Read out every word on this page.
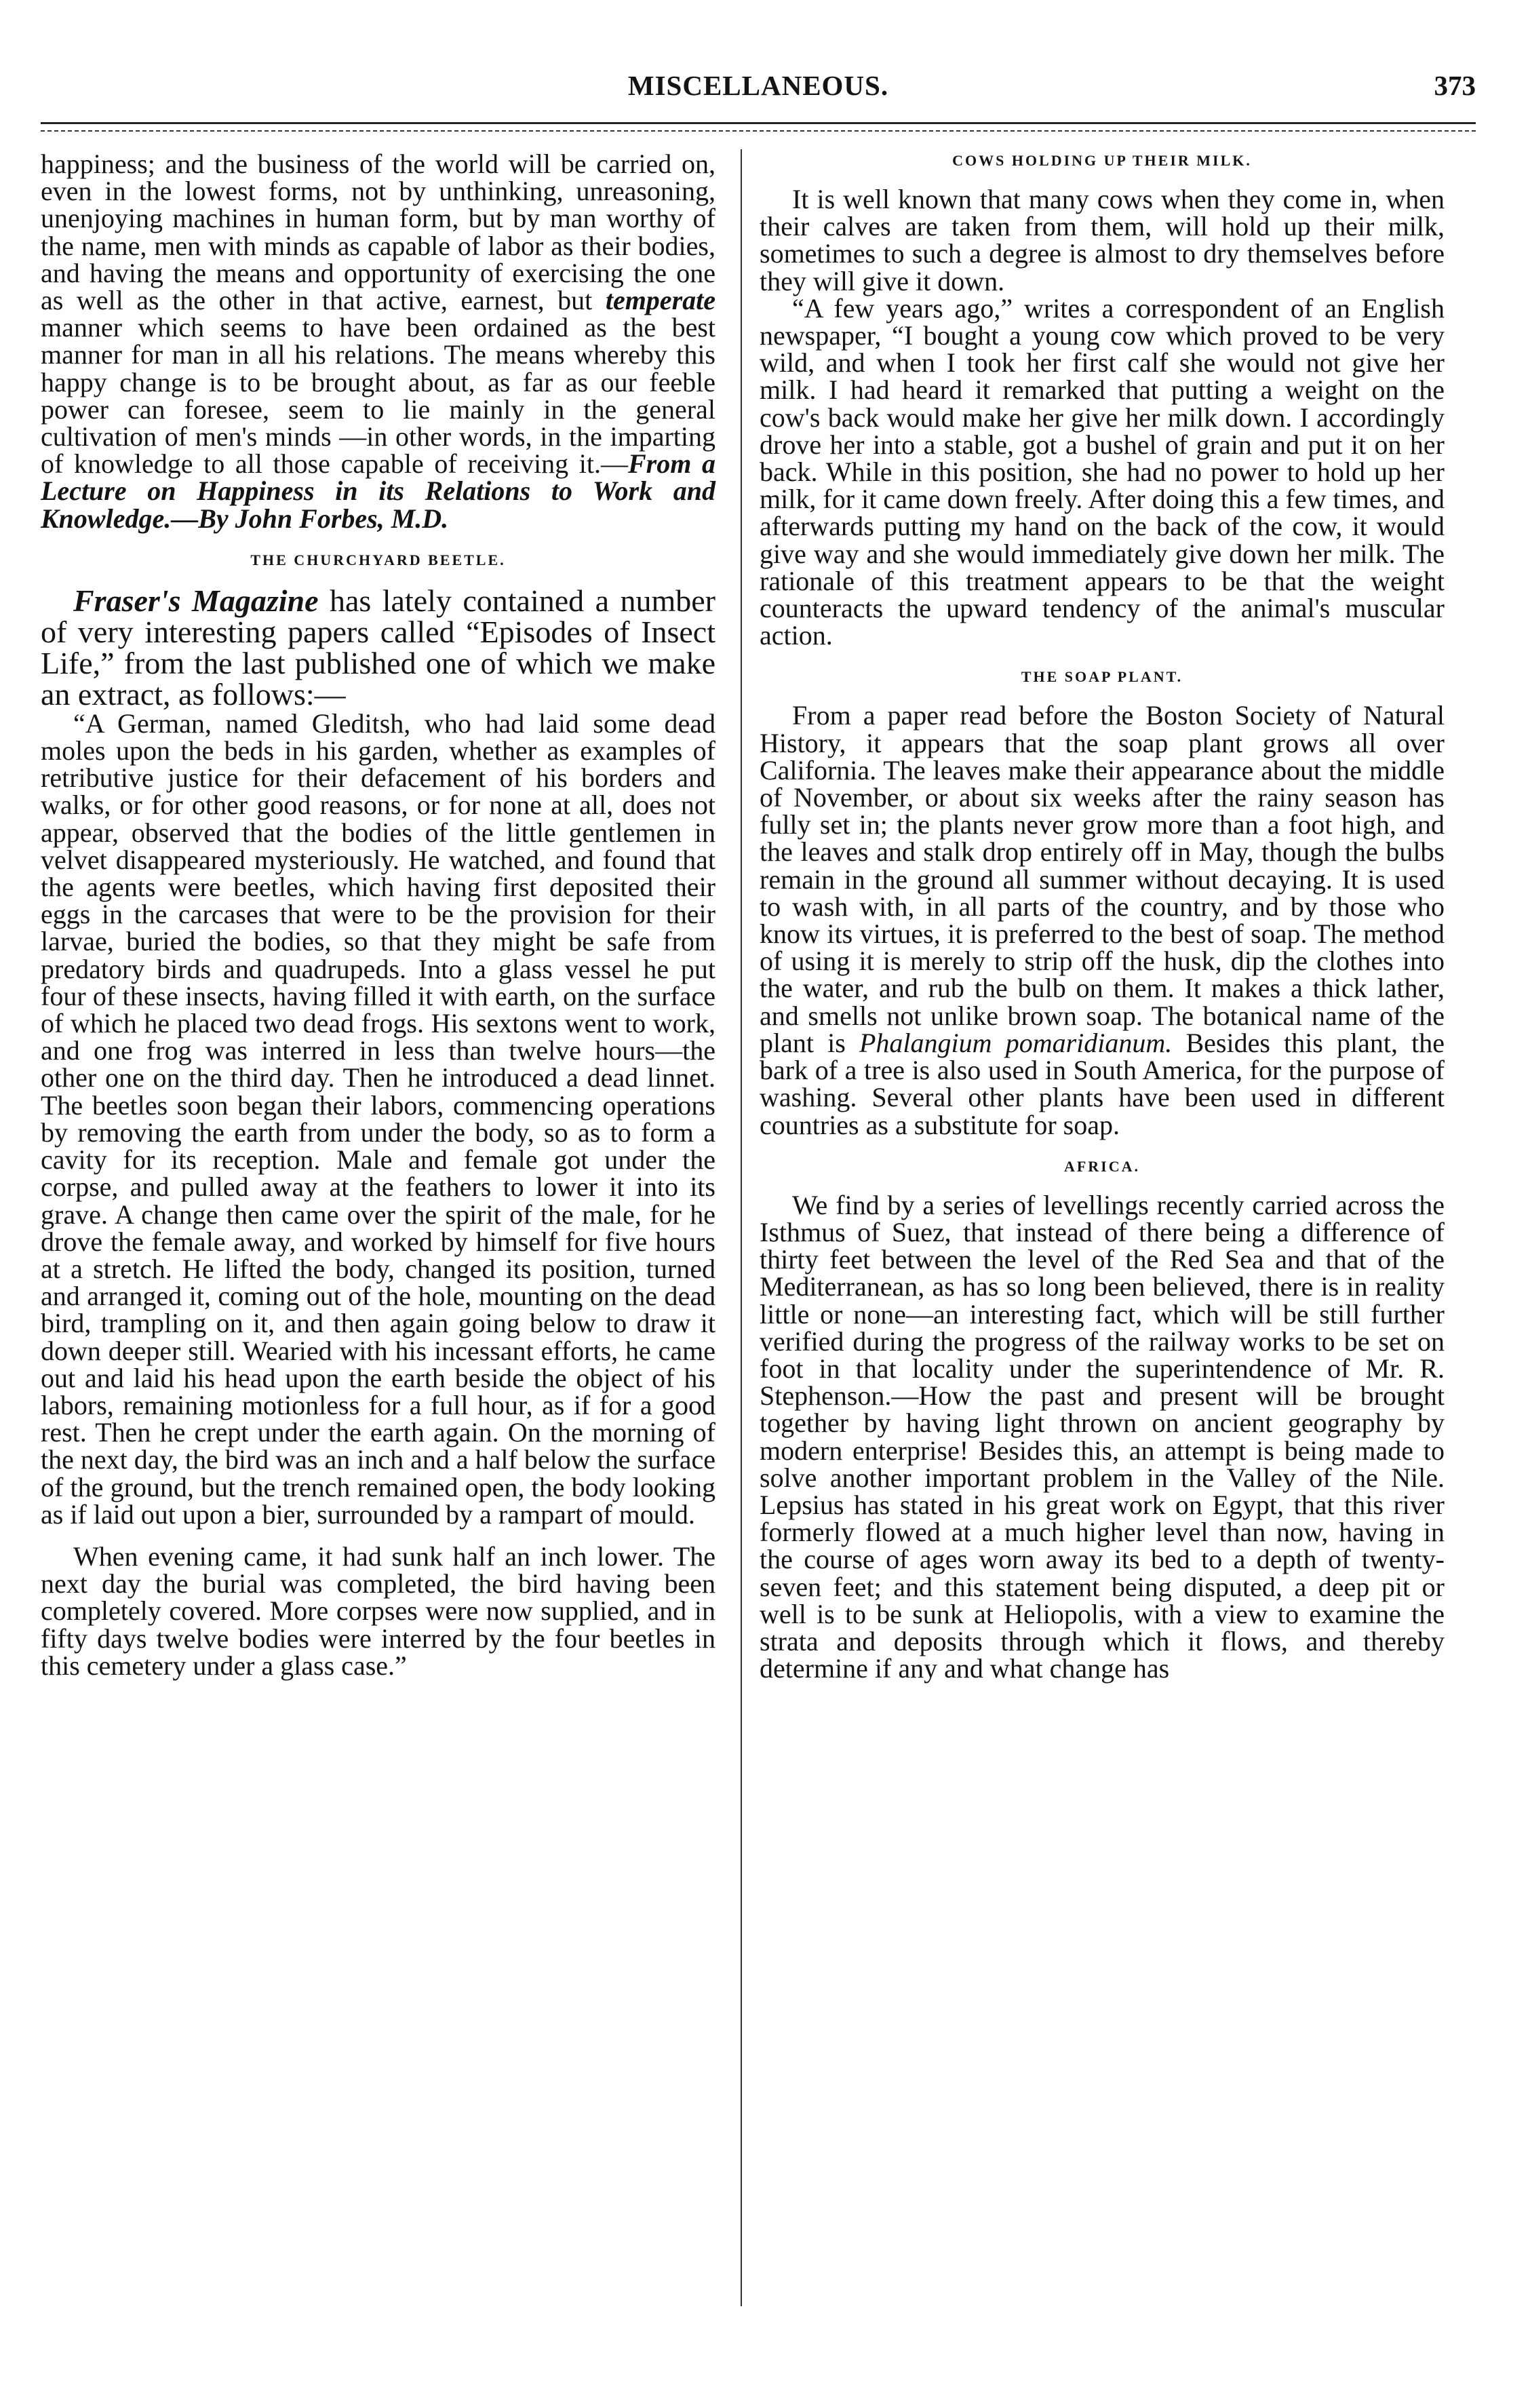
MISCELLANEOUS.	373

happiness; and the business of the world will be carried on, even in the lowest forms, not by unthinking, unreasoning, unenjoying machines in human form, but by man worthy of the name, men with minds as capable of labor as their bodies, and having the means and opportunity of exercising the one as well as the other in that active, earnest, but temperate manner which seems to have been ordained as the best manner for man in all his relations. The means whereby this happy change is to be brought about, as far as our feeble power can foresee, seem to lie mainly in the general cultivation of men's minds —in other words, in the imparting of knowledge to all those capable of receiving it.—From a Lecture on Happiness in its Relations to Work and Knowledge.—By John Forbes, M.D.

THE CHURCHYARD BEETLE.

Fraser's Magazine has lately contained a number of very interesting papers called “Episodes of Insect Life,” from the last published one of which we make an extract, as follows:—

“A German, named Gleditsh, who had laid some dead moles upon the beds in his garden, whether as examples of retributive justice for their defacement of his borders and walks, or for other good reasons, or for none at all, does not appear, observed that the bodies of the little gentlemen in velvet disappeared mysteriously. He watched, and found that the agents were beetles, which having first deposited their eggs in the carcases that were to be the provision for their larvae, buried the bodies, so that they might be safe from predatory birds and quadrupeds. Into a glass vessel he put four of these insects, having filled it with earth, on the surface of which he placed two dead frogs. His sextons went to work, and one frog was interred in less than twelve hours—the other one on the third day. Then he introduced a dead linnet. The beetles soon began their labors, commencing operations by removing the earth from under the body, so as to form a cavity for its reception. Male and female got under the corpse, and pulled away at the feathers to lower it into its grave. A change then came over the spirit of the male, for he drove the female away, and worked by himself for five hours at a stretch. He lifted the body, changed its position, turned and arranged it, coming out of the hole, mounting on the dead bird, trampling on it, and then again going below to draw it down deeper still. Wearied with his incessant efforts, he came out and laid his head upon the earth beside the object of his labors, remaining motionless for a full hour, as if for a good rest. Then he crept under the earth again. On the morning of the next day, the bird was an inch and a half below the surface of the ground, but the trench remained open, the body looking as if laid out upon a bier, surrounded by a rampart of mould.

When evening came, it had sunk half an inch lower. The next day the burial was completed, the bird having been completely covered. More corpses were now supplied, and in fifty days twelve bodies were interred by the four beetles in this cemetery under a glass case.”

COWS HOLDING UP THEIR MILK.

It is well known that many cows when they come in, when their calves are taken from them, will hold up their milk, sometimes to such a degree is almost to dry themselves before they will give it down.

“A few years ago,” writes a correspondent of an English newspaper, “I bought a young cow which proved to be very wild, and when I took her first calf she would not give her milk. I had heard it remarked that putting a weight on the cow's back would make her give her milk down. I accordingly drove her into a stable, got a bushel of grain and put it on her back. While in this position, she had no power to hold up her milk, for it came down freely. After doing this a few times, and afterwards putting my hand on the back of the cow, it would give way and she would immediately give down her milk. The rationale of this treatment appears to be that the weight counteracts the upward tendency of the animal's muscular action.

THE SOAP PLANT.

From a paper read before the Boston Society of Natural History, it appears that the soap plant grows all over California. The leaves make their appearance about the middle of November, or about six weeks after the rainy season has fully set in; the plants never grow more than a foot high, and the leaves and stalk drop entirely off in May, though the bulbs remain in the ground all summer without decaying. It is used to wash with, in all parts of the country, and by those who know its virtues, it is preferred to the best of soap. The method of using it is merely to strip off the husk, dip the clothes into the water, and rub the bulb on them. It makes a thick lather, and smells not unlike brown soap. The botanical name of the plant is Phalangium pomaridianum. Besides this plant, the bark of a tree is also used in South America, for the purpose of washing. Several other plants have been used in different countries as a substitute for soap.

AFRICA.

We find by a series of levellings recently carried across the Isthmus of Suez, that instead of there being a difference of thirty feet between the level of the Red Sea and that of the Mediterranean, as has so long been believed, there is in reality little or none—an interesting fact, which will be still further verified during the progress of the railway works to be set on foot in that locality under the superintendence of Mr. R. Stephenson.—How the past and present will be brought together by having light thrown on ancient geography by modern enterprise! Besides this, an attempt is being made to solve another important problem in the Valley of the Nile. Lepsius has stated in his great work on Egypt, that this river formerly flowed at a much higher level than now, having in the course of ages worn away its bed to a depth of twenty-seven feet; and this statement being disputed, a deep pit or well is to be sunk at Heliopolis, with a view to examine the strata and deposits through which it flows, and thereby determine if any and what change has
